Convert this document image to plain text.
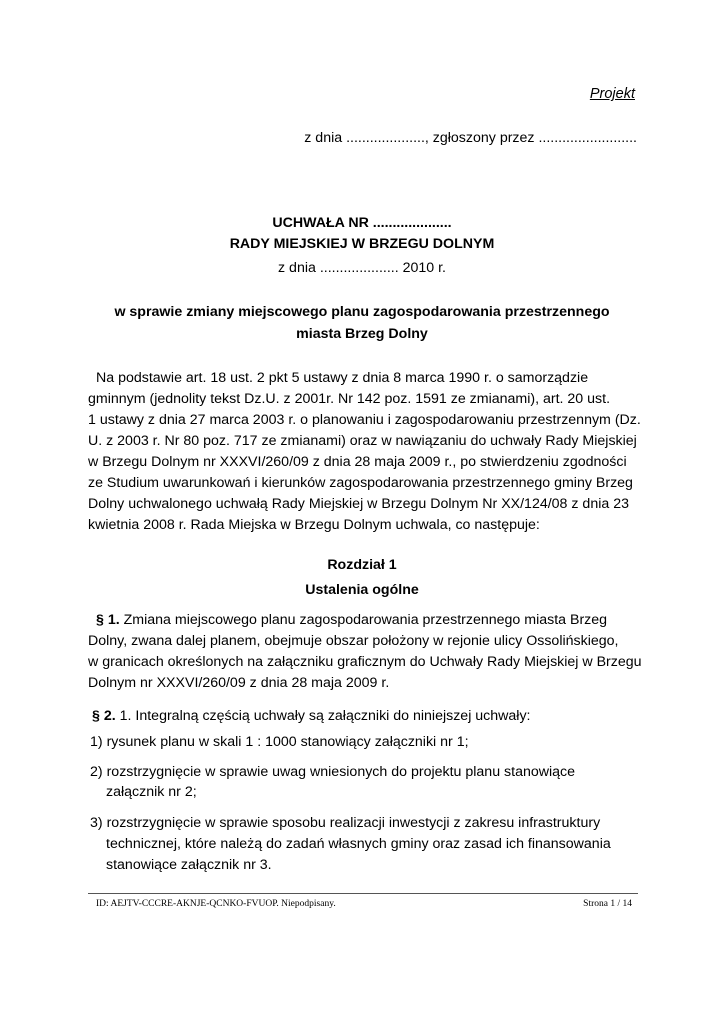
Projekt
z dnia ...................., zgłoszony przez .........................
UCHWAŁA NR ....................
RADY MIEJSKIEJ W BRZEGU DOLNYM
z dnia .................... 2010 r.
w sprawie zmiany miejscowego planu zagospodarowania przestrzennego
miasta Brzeg Dolny
Na podstawie art. 18 ust. 2 pkt 5 ustawy z dnia 8 marca 1990 r. o samorządzie
gminnym (jednolity tekst Dz.U. z 2001r. Nr 142 poz. 1591 ze zmianami), art. 20 ust.
1 ustawy z dnia 27 marca 2003 r. o planowaniu i zagospodarowaniu przestrzennym (Dz.
U. z 2003 r. Nr 80 poz. 717 ze zmianami) oraz w nawiązaniu do uchwały Rady Miejskiej
w Brzegu Dolnym nr XXXVI/260/09 z dnia 28 maja 2009 r., po stwierdzeniu zgodności
ze Studium uwarunkowań i kierunków zagospodarowania przestrzennego gminy Brzeg
Dolny uchwalonego uchwałą Rady Miejskiej w Brzegu Dolnym Nr XX/124/08 z dnia 23
kwietnia 2008 r. Rada Miejska w Brzegu Dolnym uchwala, co następuje:
Rozdział 1
Ustalenia ogólne
§ 1. Zmiana miejscowego planu zagospodarowania przestrzennego miasta Brzeg
Dolny, zwana dalej planem, obejmuje obszar położony w rejonie ulicy Ossolińskiego,
w granicach określonych na załączniku graficznym do Uchwały Rady Miejskiej w Brzegu
Dolnym nr XXXVI/260/09 z dnia 28 maja 2009 r.
§ 2. 1. Integralną częścią uchwały są załączniki do niniejszej uchwały:
1) rysunek planu w skali 1 : 1000 stanowiący załączniki nr 1;
2) rozstrzygnięcie w sprawie uwag wniesionych do projektu planu stanowiące
załącznik nr 2;
3) rozstrzygnięcie w sprawie sposobu realizacji inwestycji z zakresu infrastruktury
technicznej, które należą do zadań własnych gminy oraz zasad ich finansowania
stanowiące załącznik nr 3.
ID: AEJTV-CCCRE-AKNJE-QCNKO-FVUOP. Niepodpisany.	Strona 1 / 14
